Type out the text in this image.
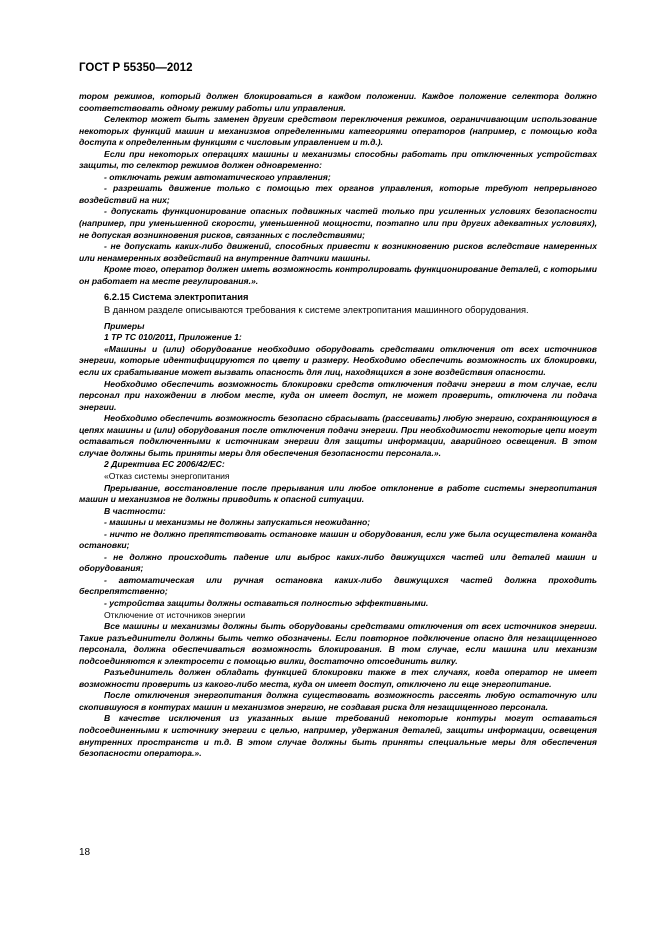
ГОСТ Р 55350—2012

тором режимов, который должен блокироваться в каждом положении. Каждое положение селектора должно соответствовать одному режиму работы или управления.

Селектор может быть заменен другим средством переключения режимов, ограничивающим использование некоторых функций машин и механизмов определенными категориями операторов (например, с помощью кода доступа к определенным функциям с числовым управлением и т.д.).

Если при некоторых операциях машины и механизмы способны работать при отключенных устройствах защиты, то селектор режимов должен одновременно:

- отключать режим автоматического управления;

- разрешать движение только с помощью тех органов управления, которые требуют непрерывного воздействий на них;

- допускать функционирование опасных подвижных частей только при усиленных условиях безопасности (например, при уменьшенной скорости, уменьшенной мощности, поэтапно или при других адекватных условиях), не допуская возникновения рисков, связанных с последствиями;

- не допускать каких-либо движений, способных привести к возникновению рисков вследствие намеренных или ненамеренных воздействий на внутренние датчики машины.

Кроме того, оператор должен иметь возможность контролировать функционирование деталей, с которыми он работает на месте регулирования.».

6.2.15 Система электропитания

В данном разделе описываются требования к системе электропитания машинного оборудования.

Примеры

1 ТР ТС 010/2011, Приложение 1:

«Машины и (или) оборудование необходимо оборудовать средствами отключения от всех источников энергии, которые идентифицируются по цвету и размеру. Необходимо обеспечить возможность их блокировки, если их срабатывание может вызвать опасность для лиц, находящихся в зоне воздействия опасности.

Необходимо обеспечить возможность блокировки средств отключения подачи энергии в том случае, если персонал при нахождении в любом месте, куда он имеет доступ, не может проверить, отключена ли подача энергии.

Необходимо обеспечить возможность безопасно сбрасывать (рассеивать) любую энергию, сохраняющуюся в цепях машины и (или) оборудования после отключения подачи энергии. При необходимости некоторые цепи могут оставаться подключенными к источникам энергии для защиты информации, аварийного освещения. В этом случае должны быть приняты меры для обеспечения безопасности персонала.».

2 Директива ЕС 2006/42/ЕС:

«Отказ системы энергопитания

Прерывание, восстановление после прерывания или любое отклонение в работе системы энергопитания машин и механизмов не должны приводить к опасной ситуации.

В частности:

- машины и механизмы не должны запускаться неожиданно;

- ничто не должно препятствовать остановке машин и оборудования, если уже была осуществлена команда остановки;

- не должно происходить падение или выброс каких-либо движущихся частей или деталей машин и оборудования;

- автоматическая или ручная остановка каких-либо движущихся частей должна проходить беспрепятственно;

- устройства защиты должны оставаться полностью эффективными.

Отключение от источников энергии

Все машины и механизмы должны быть оборудованы средствами отключения от всех источников энергии. Такие разъединители должны быть четко обозначены. Если повторное подключение опасно для незащищенного персонала, должна обеспечиваться возможность блокирования. В том случае, если машина или механизм подсоединяются к электросети с помощью вилки, достаточно отсоединить вилку.

Разъединитель должен обладать функцией блокировки также в тех случаях, когда оператор не имеет возможности проверить из какого-либо места, куда он имеет доступ, отключено ли еще энергопитание.

После отключения энергопитания должна существовать возможность рассеять любую остаточную или скопившуюся в контурах машин и механизмов энергию, не создавая риска для незащищенного персонала.

В качестве исключения из указанных выше требований некоторые контуры могут оставаться подсоединенными к источнику энергии с целью, например, удержания деталей, защиты информации, освещения внутренних пространств и т.д. В этом случае должны быть приняты специальные меры для обеспечения безопасности оператора.».

18
